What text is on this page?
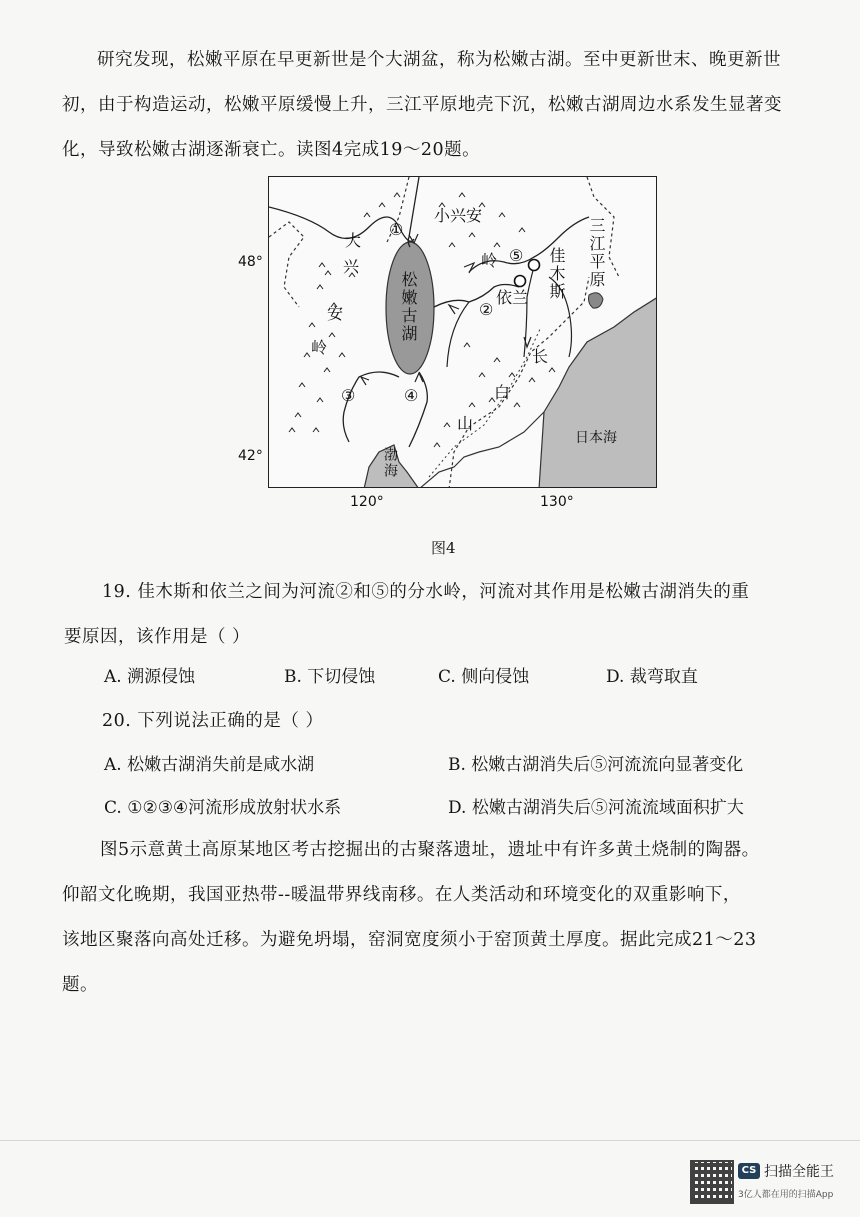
研究发现，松嫩平原在早更新世是个大湖盆，称为松嫩古湖。至中更新世末、晚更新世初，由于构造运动，松嫩平原缓慢上升，三江平原地壳下沉，松嫩古湖周边水系发生显著变化，导致松嫩古湖逐渐衰亡。读图4完成19～20题。

大
兴
安
岭
小兴安
岭
松嫩古湖	佳木斯
依兰
三江平原
长
白
山
渤海
日本海
①
②
③	④
⑤
48°
42°
120°	130°
图4
19. 佳木斯和依兰之间为河流②和⑤的分水岭，河流对其作用是松嫩古湖消失的重
要原因，该作用是（ ）
A. 溯源侵蚀	B. 下切侵蚀	C. 侧向侵蚀	D. 裁弯取直
20. 下列说法正确的是（ ）
A. 松嫩古湖消失前是咸水湖	B. 松嫩古湖消失后⑤河流流向显著变化
C. ①②③④河流形成放射状水系	D. 松嫩古湖消失后⑤河流流域面积扩大
图5示意黄土高原某地区考古挖掘出的古聚落遗址，遗址中有许多黄土烧制的陶器。
仰韶文化晚期，我国亚热带--暖温带界线南移。在人类活动和环境变化的双重影响下，
该地区聚落向高处迁移。为避免坍塌，窑洞宽度须小于窑顶黄土厚度。据此完成21～23
题。
CS 扫描全能王
3亿人都在用的扫描App
